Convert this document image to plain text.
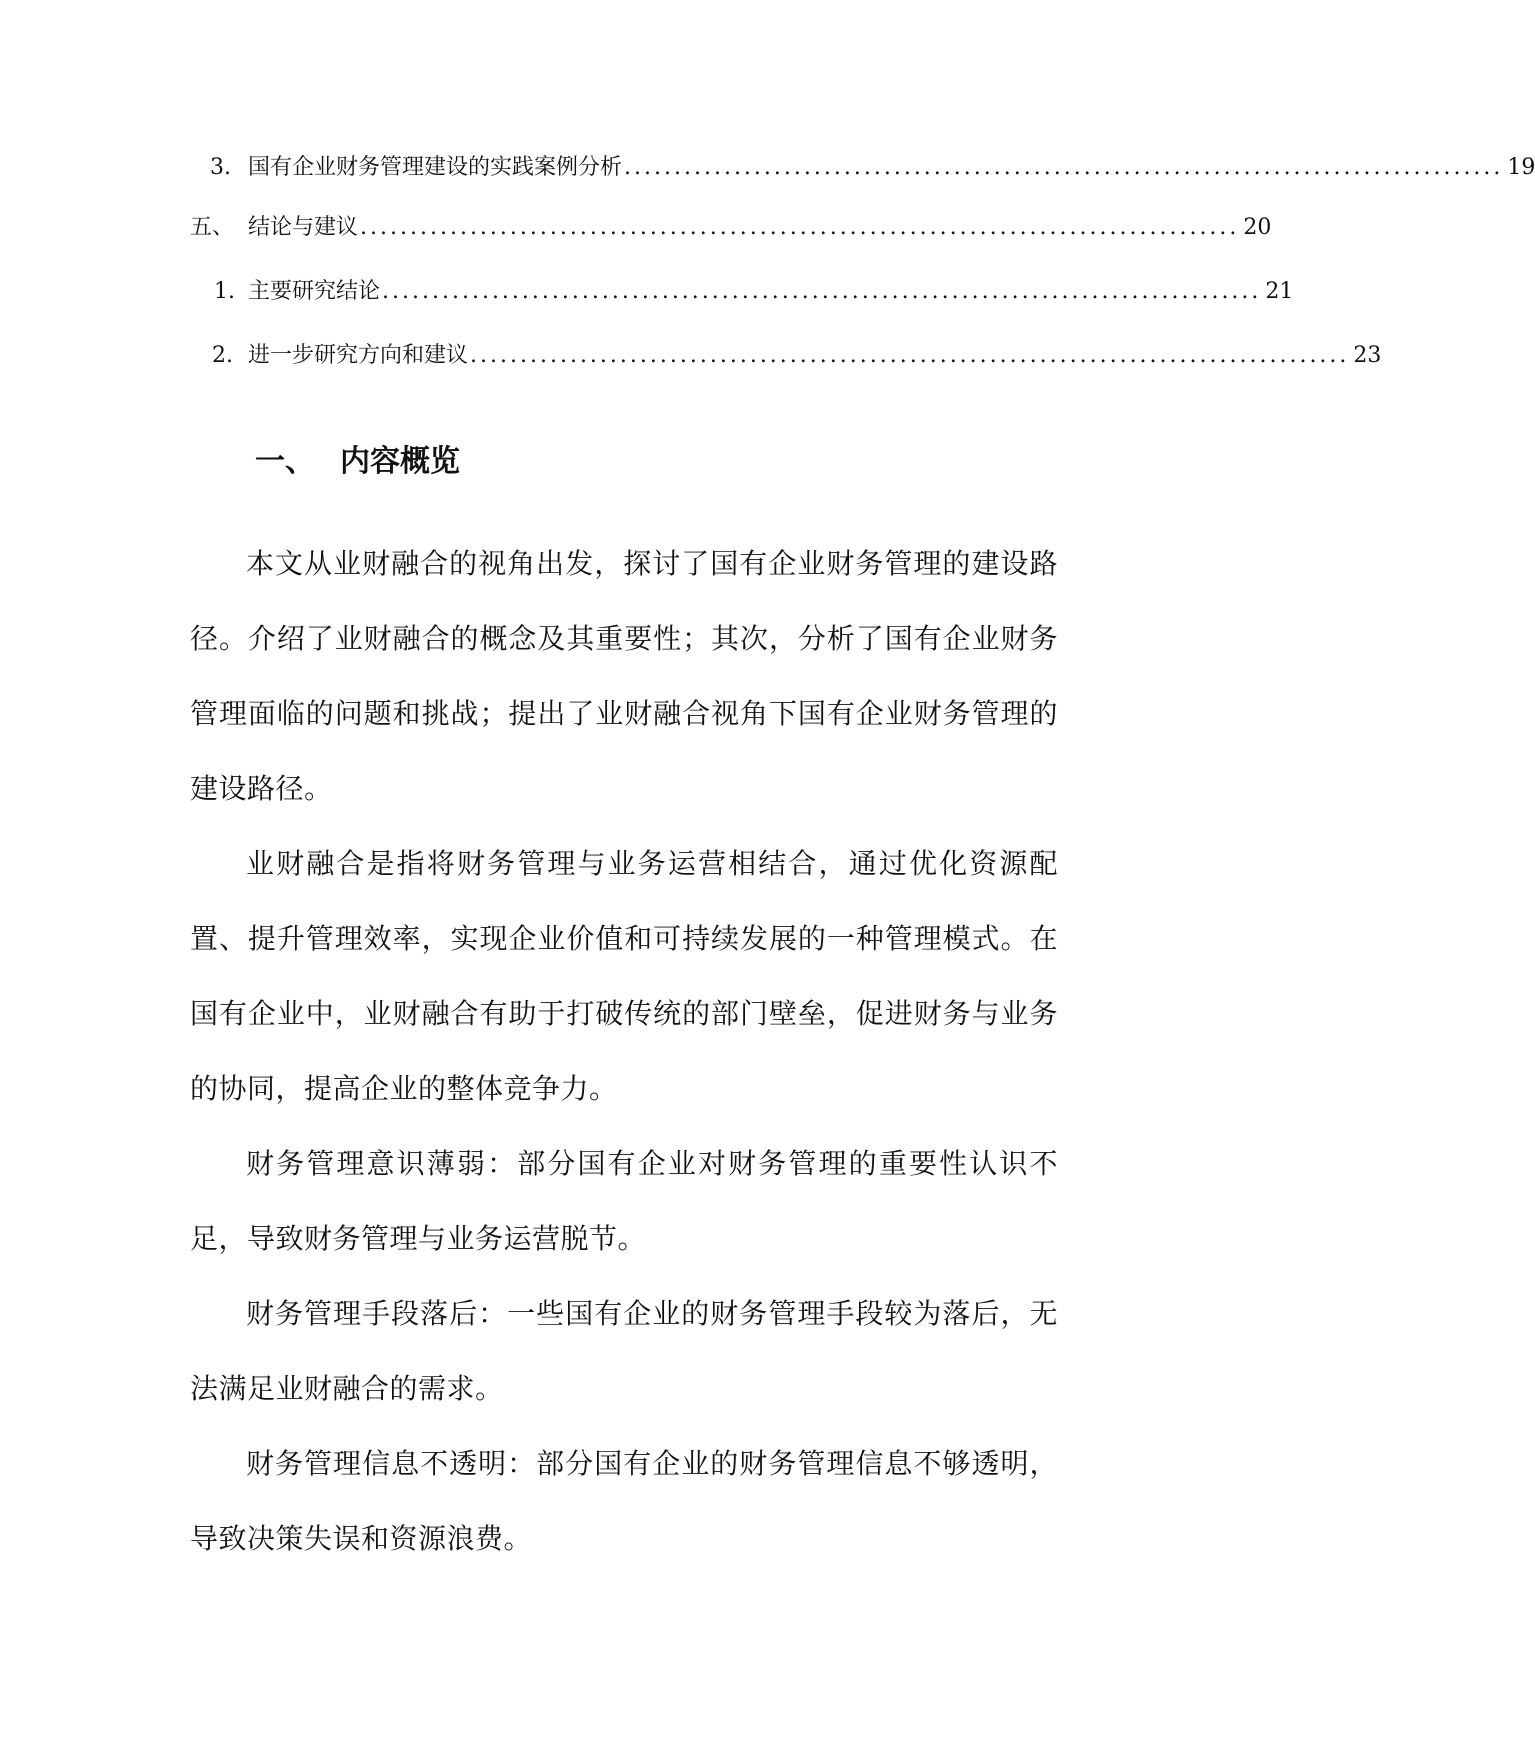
3. 国有企业财务管理建设的实践案例分析 ........................................................................................ 19
五、 结论与建议 ........................................................................................ 20
1. 主要研究结论 ........................................................................................ 21
2. 进一步研究方向和建议 ........................................................................................ 23
一、 内容概览

本文从业财融合的视角出发，探讨了国有企业财务管理的建设路径。介绍了业财融合的概念及其重要性；其次，分析了国有企业财务管理面临的问题和挑战；提出了业财融合视角下国有企业财务管理的建设路径。

业财融合是指将财务管理与业务运营相结合，通过优化资源配置、提升管理效率，实现企业价值和可持续发展的一种管理模式。在国有企业中，业财融合有助于打破传统的部门壁垒，促进财务与业务的协同，提高企业的整体竞争力。

财务管理意识薄弱：部分国有企业对财务管理的重要性认识不足，导致财务管理与业务运营脱节。

财务管理手段落后：一些国有企业的财务管理手段较为落后，无法满足业财融合的需求。

财务管理信息不透明：部分国有企业的财务管理信息不够透明，导致决策失误和资源浪费。
